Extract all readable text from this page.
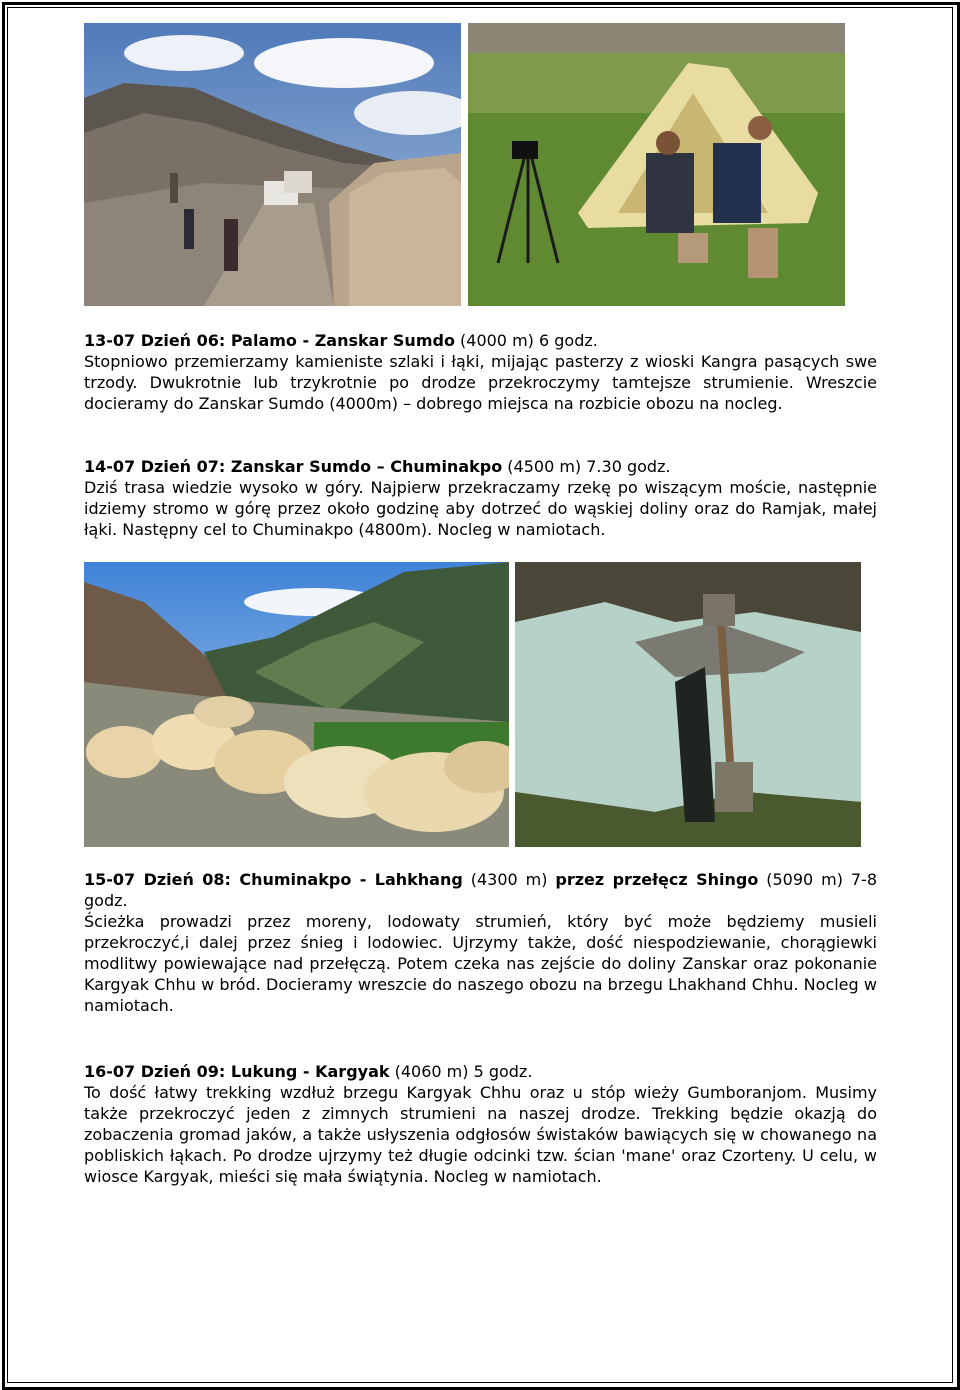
13-07 Dzień 06: Palamo - Zanskar Sumdo (4000 m) 6 godz.

Stopniowo przemierzamy kamieniste szlaki i łąki, mijając pasterzy z wioski Kangra pasących swe trzody. Dwukrotnie lub trzykrotnie po drodze przekroczymy tamtejsze strumienie. Wreszcie docieramy do Zanskar Sumdo (4000m) – dobrego miejsca na rozbicie obozu na nocleg.

14-07 Dzień 07: Zanskar Sumdo – Chuminakpo (4500 m) 7.30 godz.

Dziś trasa wiedzie wysoko w góry. Najpierw przekraczamy rzekę po wiszącym moście, następnie idziemy stromo w górę przez około godzinę aby dotrzeć do wąskiej doliny oraz do Ramjak, małej łąki. Następny cel to Chuminakpo (4800m). Nocleg w namiotach.

15-07 Dzień 08: Chuminakpo - Lahkhang (4300 m) przez przełęcz Shingo (5090 m) 7-8 godz.

Ścieżka prowadzi przez moreny, lodowaty strumień, który być może będziemy musieli przekroczyć,i dalej przez śnieg i lodowiec. Ujrzymy także, dość niespodziewanie, chorągiewki modlitwy powiewające nad przełęczą. Potem czeka nas zejście do doliny Zanskar oraz pokonanie Kargyak Chhu w bród. Docieramy wreszcie do naszego obozu na brzegu Lhakhand Chhu. Nocleg w namiotach.

16-07 Dzień 09: Lukung - Kargyak (4060 m) 5 godz.

To dość łatwy trekking wzdłuż brzegu Kargyak Chhu oraz u stóp wieży Gumboranjom. Musimy także przekroczyć jeden z zimnych strumieni na naszej drodze. Trekking będzie okazją do zobaczenia gromad jaków, a także usłyszenia odgłosów świstaków bawiących się w chowanego na pobliskich łąkach. Po drodze ujrzymy też długie odcinki tzw. ścian 'mane' oraz Czorteny. U celu, w wiosce Kargyak, mieści się mała świątynia. Nocleg w namiotach.
